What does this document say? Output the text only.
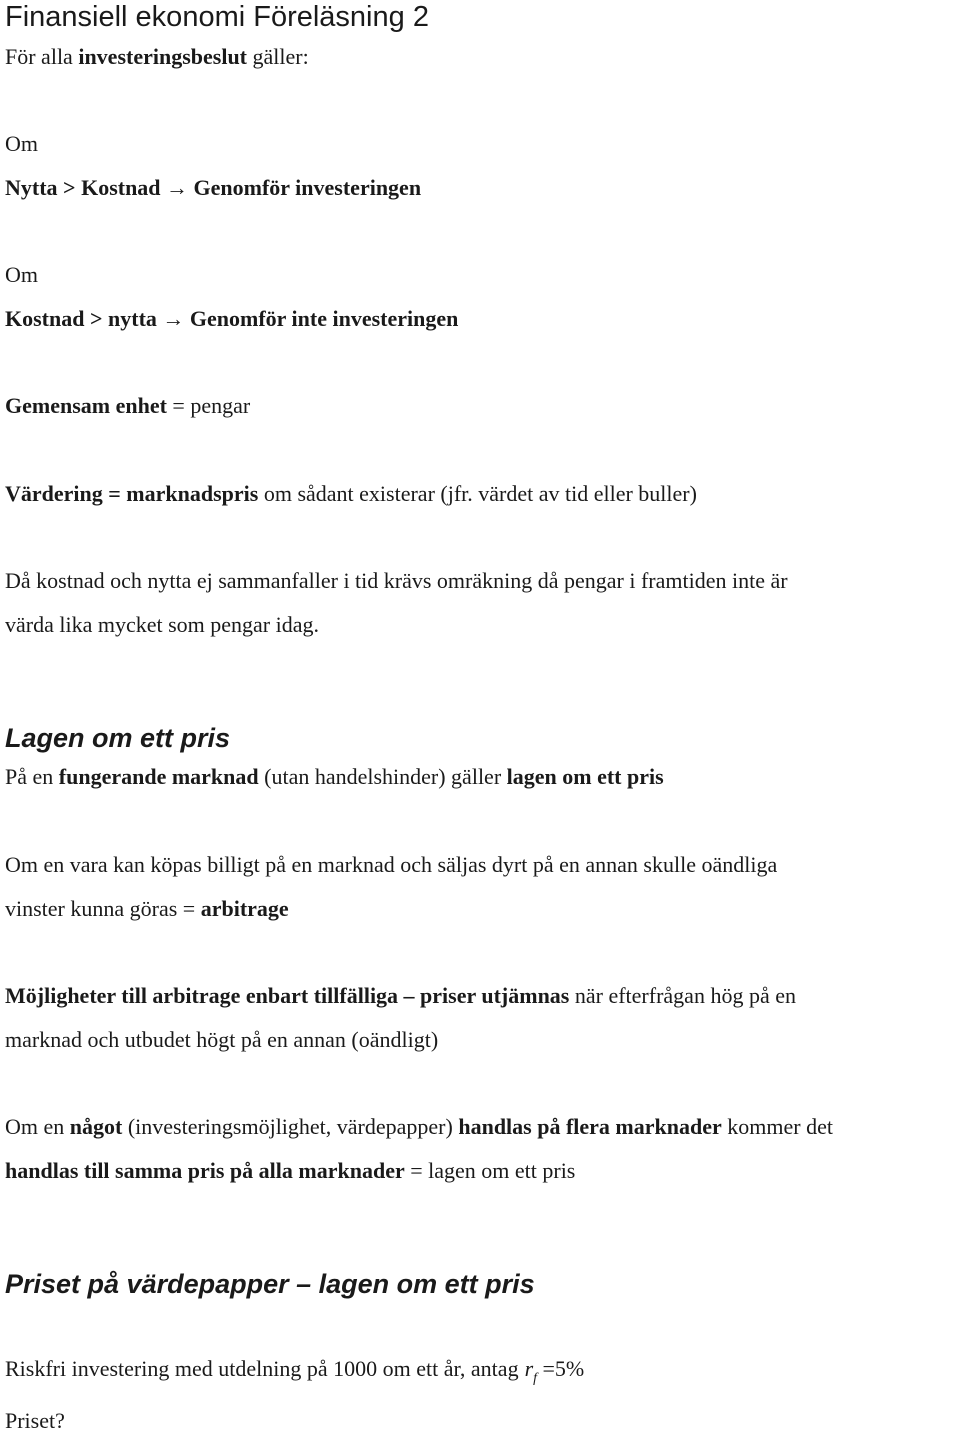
Finansiell ekonomi Föreläsning 2

För alla investeringsbeslut gäller:

Om

Nytta > Kostnad → Genomför investeringen

Om

Kostnad > nytta → Genomför inte investeringen

Gemensam enhet = pengar

Värdering = marknadspris om sådant existerar (jfr. värdet av tid eller buller)

Då kostnad och nytta ej sammanfaller i tid krävs omräkning då pengar i framtiden inte är

värda lika mycket som pengar idag.

Lagen om ett pris

På en fungerande marknad (utan handelshinder) gäller lagen om ett pris

Om en vara kan köpas billigt på en marknad och säljas dyrt på en annan skulle oändliga

vinster kunna göras = arbitrage

Möjligheter till arbitrage enbart tillfälliga – priser utjämnas när efterfrågan hög på en

marknad och utbudet högt på en annan (oändligt)

Om en något (investeringsmöjlighet, värdepapper) handlas på flera marknader kommer det

handlas till samma pris på alla marknader = lagen om ett pris

Priset på värdepapper – lagen om ett pris

Riskfri investering med utdelning på 1000 om ett år, antag $r_f =5\%$

Priset?
